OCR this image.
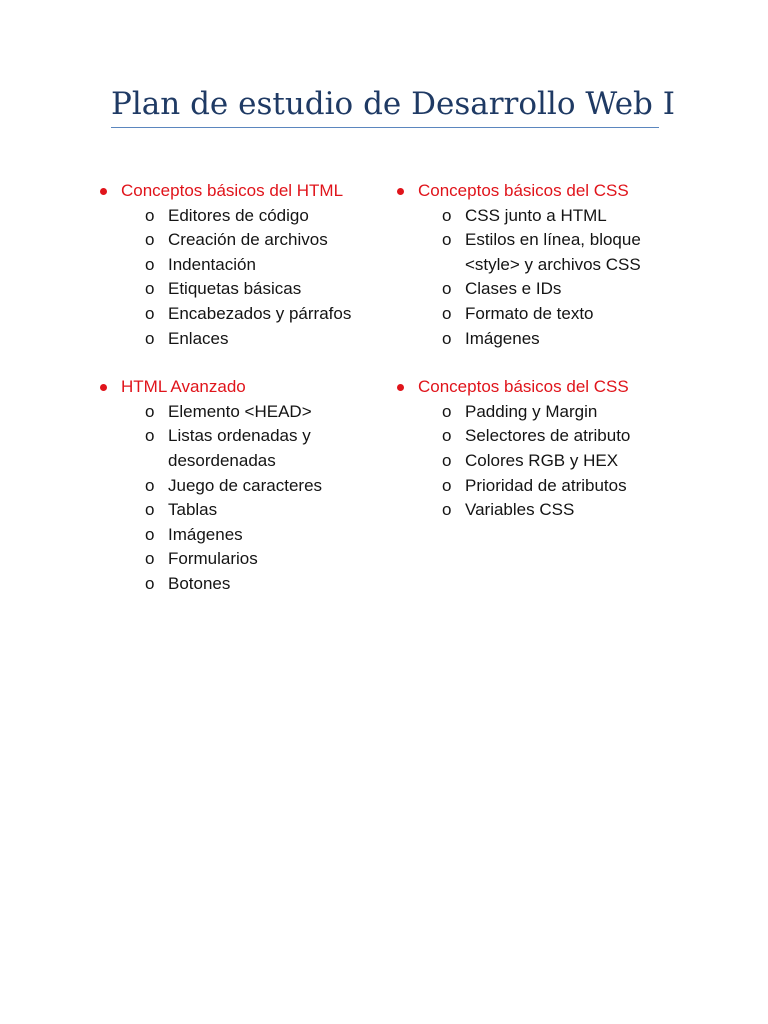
Plan de estudio de Desarrollo Web I
Conceptos básicos del HTML
o Editores de código
o Creación de archivos
o Indentación
o Etiquetas básicas
o Encabezados y párrafos
o Enlaces
HTML Avanzado
o Elemento <HEAD>
o Listas ordenadas y desordenadas
o Juego de caracteres
o Tablas
o Imágenes
o Formularios
o Botones
Conceptos básicos del CSS
o CSS junto a HTML
o Estilos en línea, bloque <style> y archivos CSS
o Clases e IDs
o Formato de texto
o Imágenes
Conceptos básicos del CSS
o Padding y Margin
o Selectores de atributo
o Colores RGB y HEX
o Prioridad de atributos
o Variables CSS
